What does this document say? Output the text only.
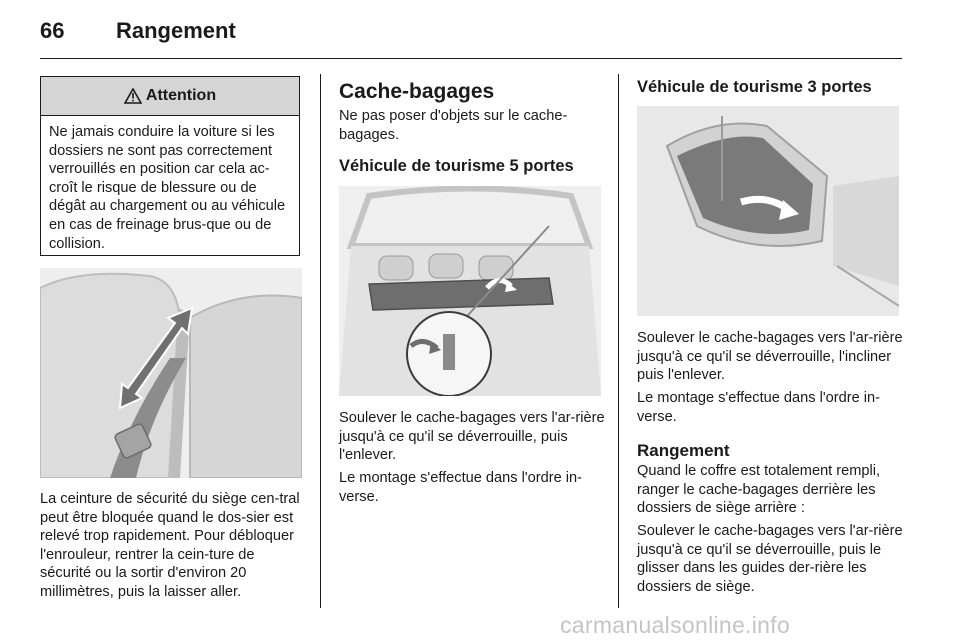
66 Rangement
Attention
Ne jamais conduire la voiture si les dossiers ne sont pas correctement verrouillés en position car cela ac-croît le risque de blessure ou de dégât au chargement ou au véhicule en cas de freinage brus-que ou de collision.
La ceinture de sécurité du siège cen-tral peut être bloquée quand le dos-sier est relevé trop rapidement. Pour débloquer l'enrouleur, rentrer la cein-ture de sécurité ou la sortir d'environ 20 millimètres, puis la laisser aller.
Cache-bagages
Ne pas poser d'objets sur le cache-bagages.
Véhicule de tourisme 5 portes
Soulever le cache-bagages vers l'ar-rière jusqu'à ce qu'il se déverrouille, puis l'enlever.
Le montage s'effectue dans l'ordre in-verse.
Véhicule de tourisme 3 portes
Soulever le cache-bagages vers l'ar-rière jusqu'à ce qu'il se déverrouille, l'incliner puis l'enlever.
Le montage s'effectue dans l'ordre in-verse.
Rangement
Quand le coffre est totalement rempli, ranger le cache-bagages derrière les dossiers de siège arrière :
Soulever le cache-bagages vers l'ar-rière jusqu'à ce qu'il se déverrouille, puis le glisser dans les guides der-rière les dossiers de siège.
carmanualsonline.info
